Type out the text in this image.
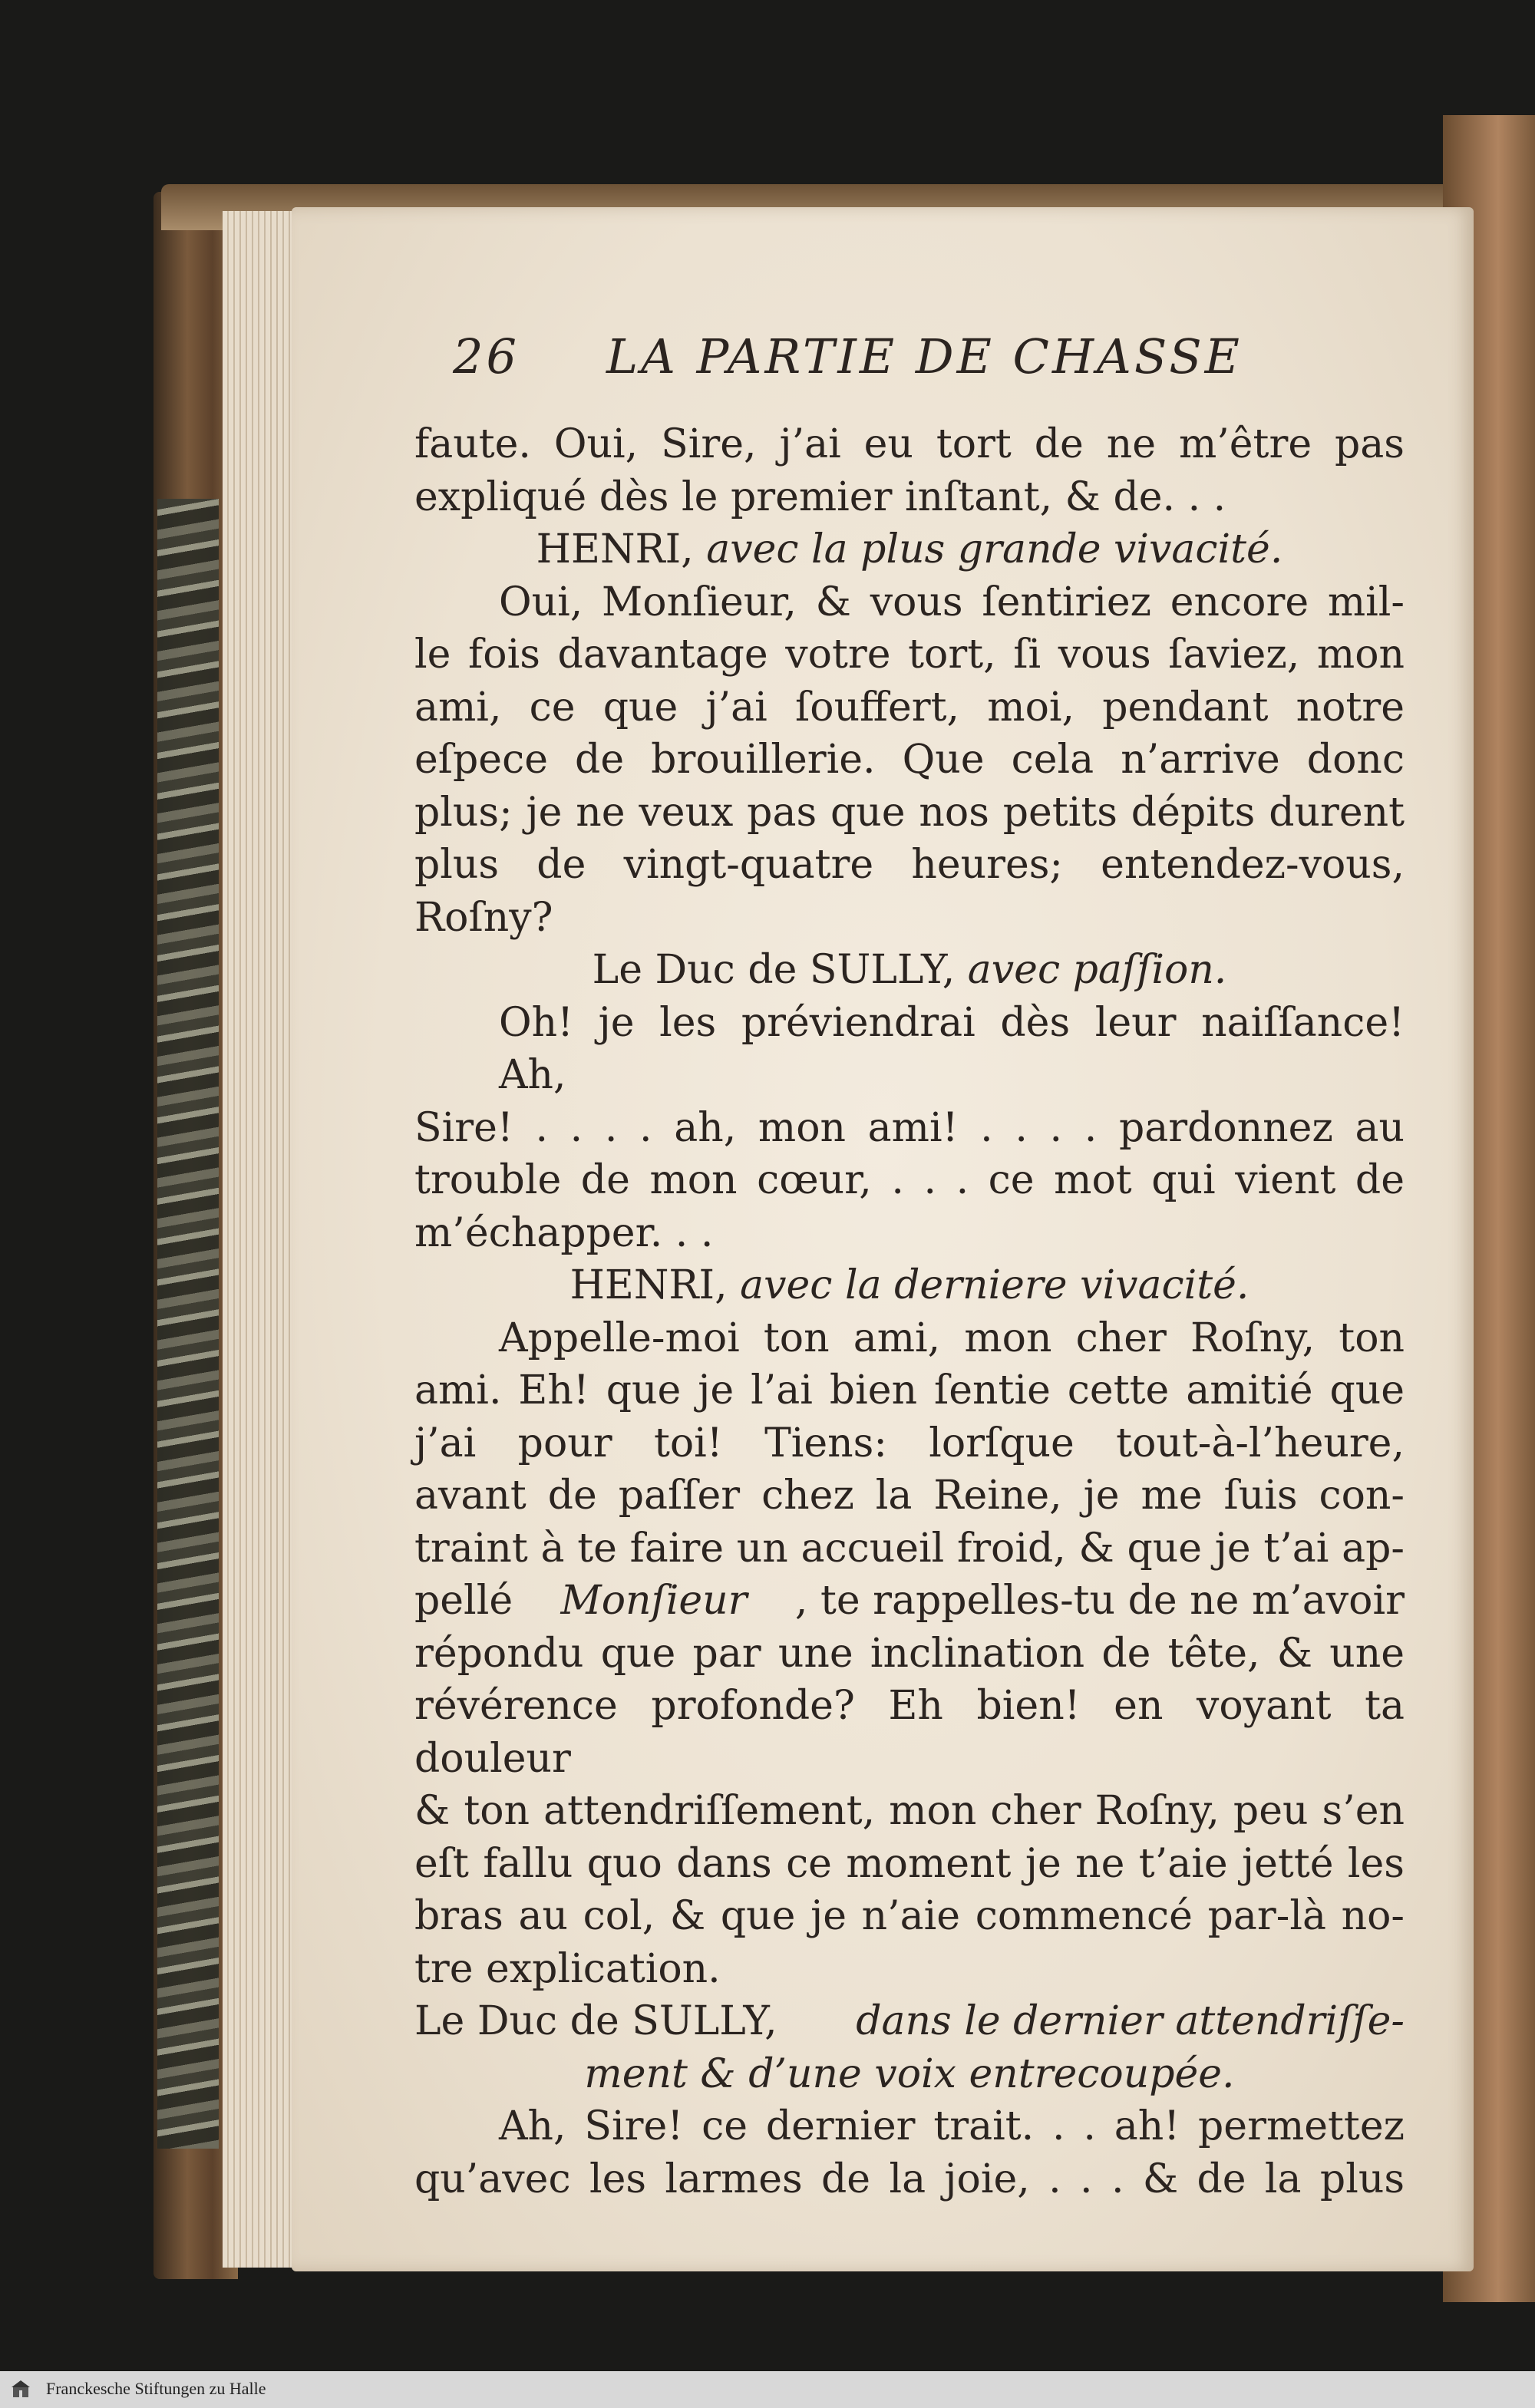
26 LA PARTIE DE CHASSE
faute. Oui, Sire, j’ai eu tort de ne m’être pas
expliqué dès le premier inſtant, & de. . .
HENRI, avec la plus grande vivacité.
Oui, Monſieur, & vous ſentiriez encore mil-
le fois davantage votre tort, ſi vous ſaviez, mon
ami, ce que j’ai ſouffert, moi, pendant notre
eſpece de brouillerie. Que cela n’arrive donc
plus; je ne veux pas que nos petits dépits durent
plus de vingt-quatre heures; entendez-vous,
Roſny?
Le Duc de SULLY, avec paſſion.
Oh! je les préviendrai dès leur naiſſance! Ah,
Sire! . . . . ah, mon ami! . . . . pardonnez au
trouble de mon cœur, . . . ce mot qui vient de
m’échapper. . .
HENRI, avec la derniere vivacité.
Appelle-moi ton ami, mon cher Roſny, ton
ami. Eh! que je l’ai bien ſentie cette amitié que
j’ai pour toi! Tiens: lorſque tout-à-l’heure,
avant de paſſer chez la Reine, je me ſuis con-
traint à te faire un accueil froid, & que je t’ai ap-
pellé Monſieur , te rappelles-tu de ne m’avoir
répondu que par une inclination de tête, & une
révérence profonde? Eh bien! en voyant ta douleur
& ton attendriſſement, mon cher Roſny, peu s’en
eſt fallu quo dans ce moment je ne t’aie jetté les
bras au col, & que je n’aie commencé par-là no-
tre explication.
Le Duc de SULLY, dans le dernier attendriſſe-
ment & d’une voix entrecoupée.
Ah, Sire! ce dernier trait. . . ah! permettez
qu’avec les larmes de la joie, . . . & de la plus
Franckesche Stiftungen zu Halle
